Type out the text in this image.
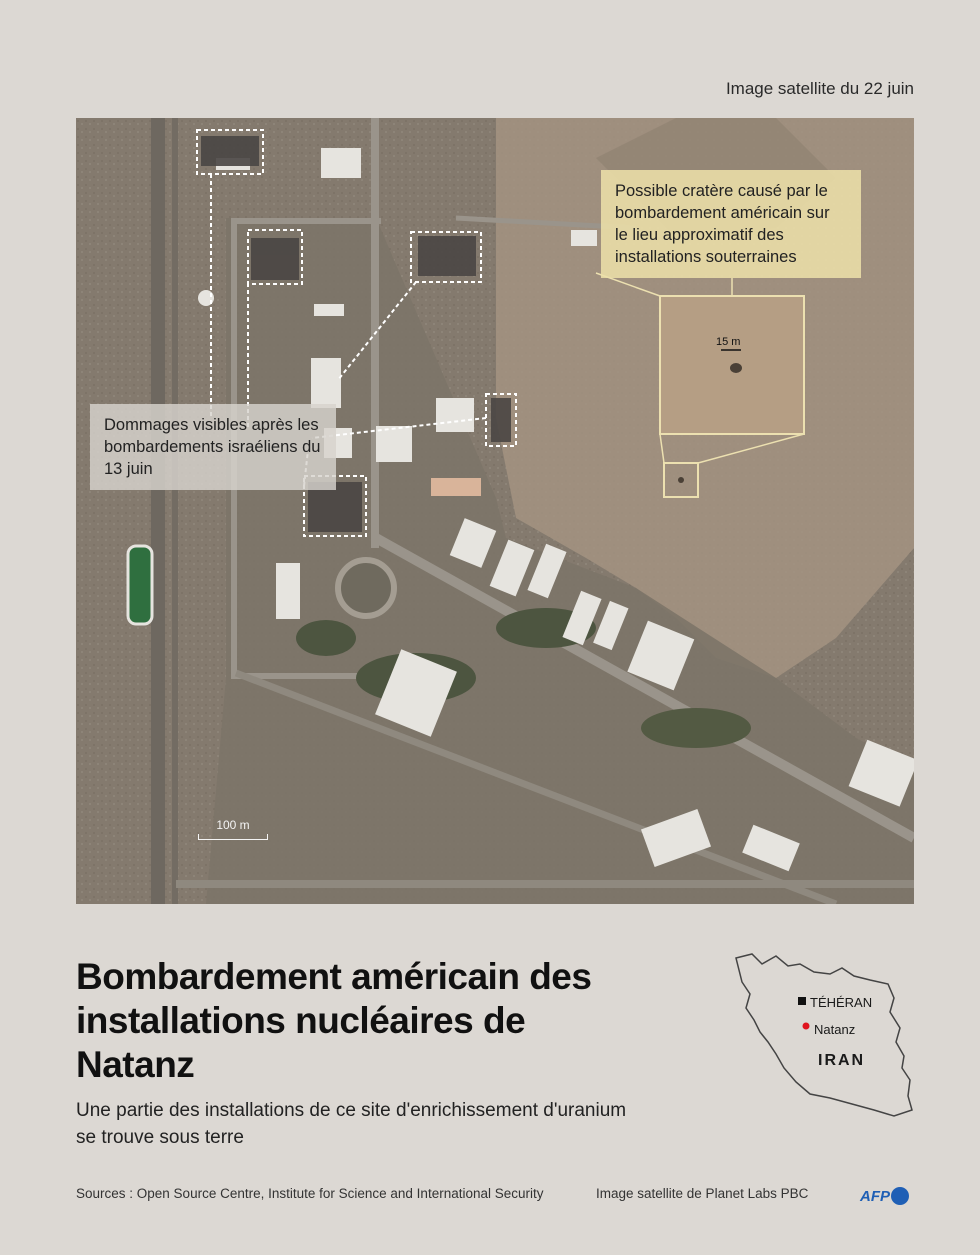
Image satellite du 22 juin
Dommages visibles après les bombardements israéliens du 13 juin
Possible cratère causé par le bombardement américain sur le lieu approximatif des installations souterraines
15 m
100 m
Bombardement américain des installations nucléaires de Natanz
Une partie des installations de ce site d'enrichissement d'uranium se trouve sous terre
TÉHÉRAN
Natanz
IRAN
Sources : Open Source Centre, Institute for Science and International Security	Image satellite de Planet Labs PBC	AFP
